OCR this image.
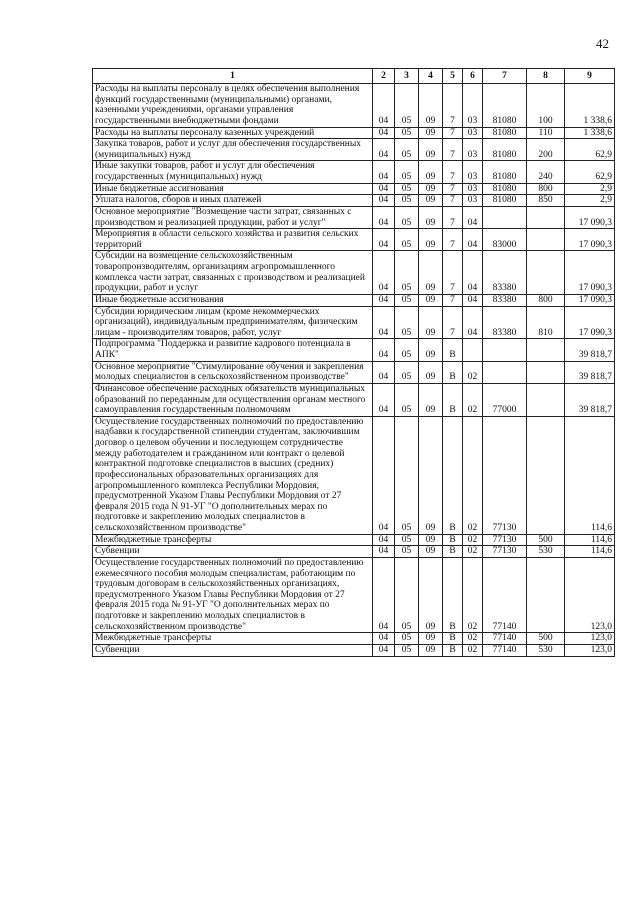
42
1	2	3	4	5	6	7	8	9
Расходы на выплаты персоналу в целях обеспечения выполнения функций государственными (муниципальными) органами, казенными учреждениями, органами управления государственными внебюджетными фондами	04	05	09	7	03	81080	100	1 338,6
Расходы на выплаты персоналу казенных учреждений	04	05	09	7	03	81080	110	1 338,6
Закупка товаров, работ и услуг для обеспечения государственных (муниципальных) нужд	04	05	09	7	03	81080	200	62,9
Иные закупки товаров, работ и услуг для обеспечения государственных (муниципальных) нужд	04	05	09	7	03	81080	240	62,9
Иные бюджетные ассигнования	04	05	09	7	03	81080	800	2,9
Уплата налогов, сборов и иных платежей	04	05	09	7	03	81080	850	2,9
Основное мероприятие "Возмещение части затрат, связанных с производством и реализацией продукции, работ и услуг"	04	05	09	7	04			17 090,3
Мероприятия в области сельского хозяйства и развития сельских территорий	04	05	09	7	04	83000		17 090,3
Субсидии на возмещение сельскохозяйственным товаропроизводителям, организациям агропромышленного комплекса части затрат, связанных с производством и реализацией продукции, работ и услуг	04	05	09	7	04	83380		17 090,3
Иные бюджетные ассигнования	04	05	09	7	04	83380	800	17 090,3
Субсидии юридическим лицам (кроме некоммерческих организаций), индивидуальным предпринимателям, физическим лицам - производителям товаров, работ, услуг	04	05	09	7	04	83380	810	17 090,3
Подпрограмма "Поддержка и развитие кадрового потенциала в АПК"	04	05	09	В				39 818,7
Основное мероприятие "Стимулирование обучения и закрепления молодых специалистов в сельскохозяйственном производстве"	04	05	09	В	02			39 818,7
Финансовое обеспечение расходных обязательств муниципальных образований по переданным для осуществления органам местного самоуправления государственным полномочиям	04	05	09	В	02	77000		39 818,7
Осуществление государственных полномочий по предоставлению надбавки к государственной стипендии студентам, заключившим договор о целевом обучении и последующем сотрудничестве между работодателем и гражданином или контракт о целевой контрактной подготовке специалистов в высших (средних) профессиональных образовательных организациях для агропромышленного комплекса Республики Мордовия, предусмотренной Указом Главы Республики Мордовия от 27 февраля 2015 года N 91-УГ "О дополнительных мерах по подготовке и закреплению молодых специалистов в сельскохозяйственном производстве"	04	05	09	В	02	77130		114,6
Межбюджетные трансферты	04	05	09	В	02	77130	500	114,6
Субвенции	04	05	09	В	02	77130	530	114,6
Осуществление государственных полномочий по предоставлению ежемесячного пособия молодым специалистам, работающим по трудовым договорам в сельскохозяйственных организациях, предусмотренного Указом Главы Республики Мордовия от 27 февраля 2015 года № 91-УГ "О дополнительных мерах по подготовке и закреплению молодых специалистов в сельскохозяйственном производстве"	04	05	09	В	02	77140		123,0
Межбюджетные трансферты	04	05	09	В	02	77140	500	123,0
Субвенции	04	05	09	В	02	77140	530	123,0
